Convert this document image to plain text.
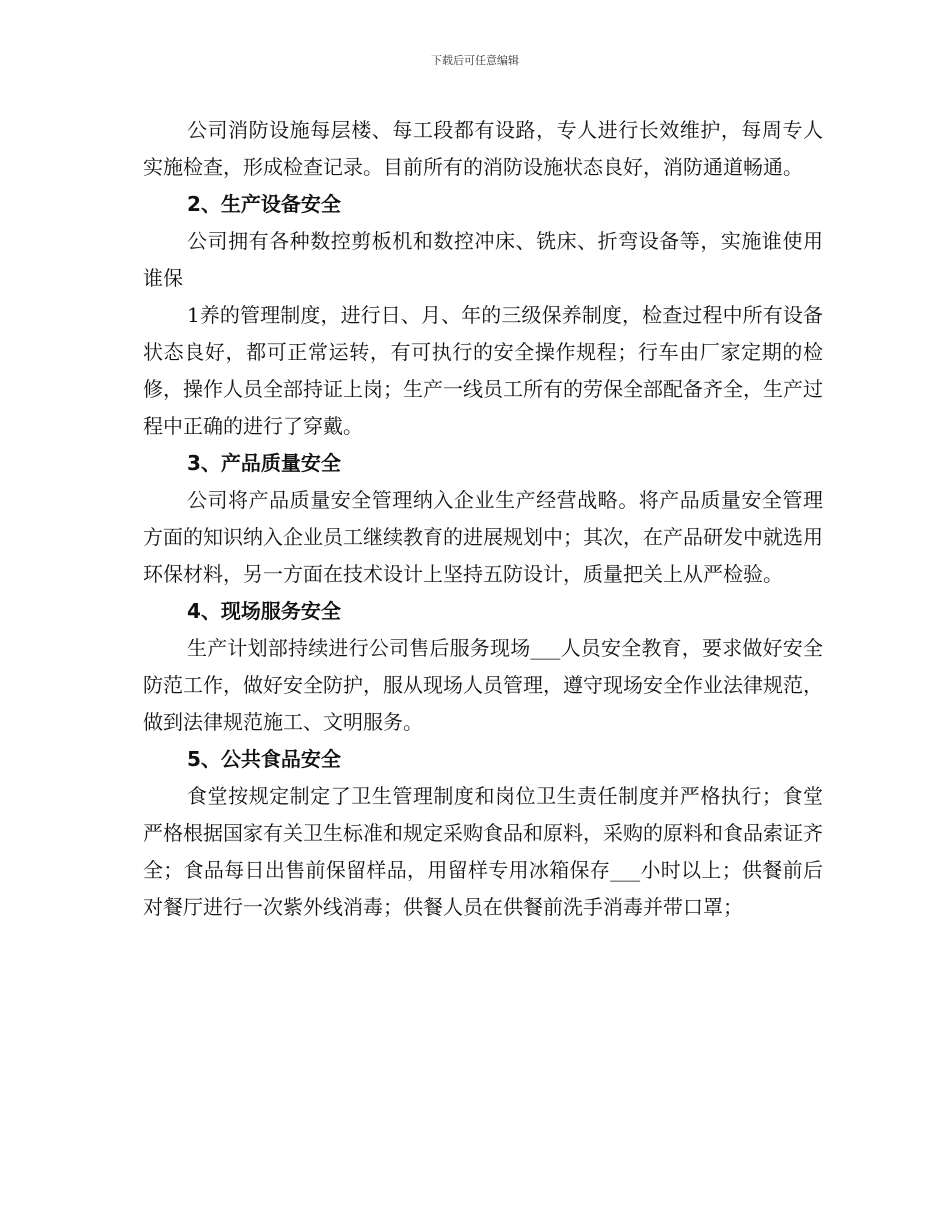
下载后可任意编辑

公司消防设施每层楼、每工段都有设路，专人进行长效维护，每周专人实施检查，形成检查记录。目前所有的消防设施状态良好，消防通道畅通。

2、生产设备安全

公司拥有各种数控剪板机和数控冲床、铣床、折弯设备等，实施谁使用谁保

1养的管理制度，进行日、月、年的三级保养制度，检查过程中所有设备状态良好，都可正常运转，有可执行的安全操作规程；行车由厂家定期的检修，操作人员全部持证上岗；生产一线员工所有的劳保全部配备齐全，生产过程中正确的进行了穿戴。

3、产品质量安全

公司将产品质量安全管理纳入企业生产经营战略。将产品质量安全管理方面的知识纳入企业员工继续教育的进展规划中；其次，在产品研发中就选用环保材料，另一方面在技术设计上坚持五防设计，质量把关上从严检验。

4、现场服务安全

生产计划部持续进行公司售后服务现场___人员安全教育，要求做好安全防范工作，做好安全防护，服从现场人员管理，遵守现场安全作业法律规范，做到法律规范施工、文明服务。

5、公共食品安全

食堂按规定制定了卫生管理制度和岗位卫生责任制度并严格执行；食堂严格根据国家有关卫生标准和规定采购食品和原料，采购的原料和食品索证齐全；食品每日出售前保留样品，用留样专用冰箱保存___小时以上；供餐前后对餐厅进行一次紫外线消毒；供餐人员在供餐前洗手消毒并带口罩；
